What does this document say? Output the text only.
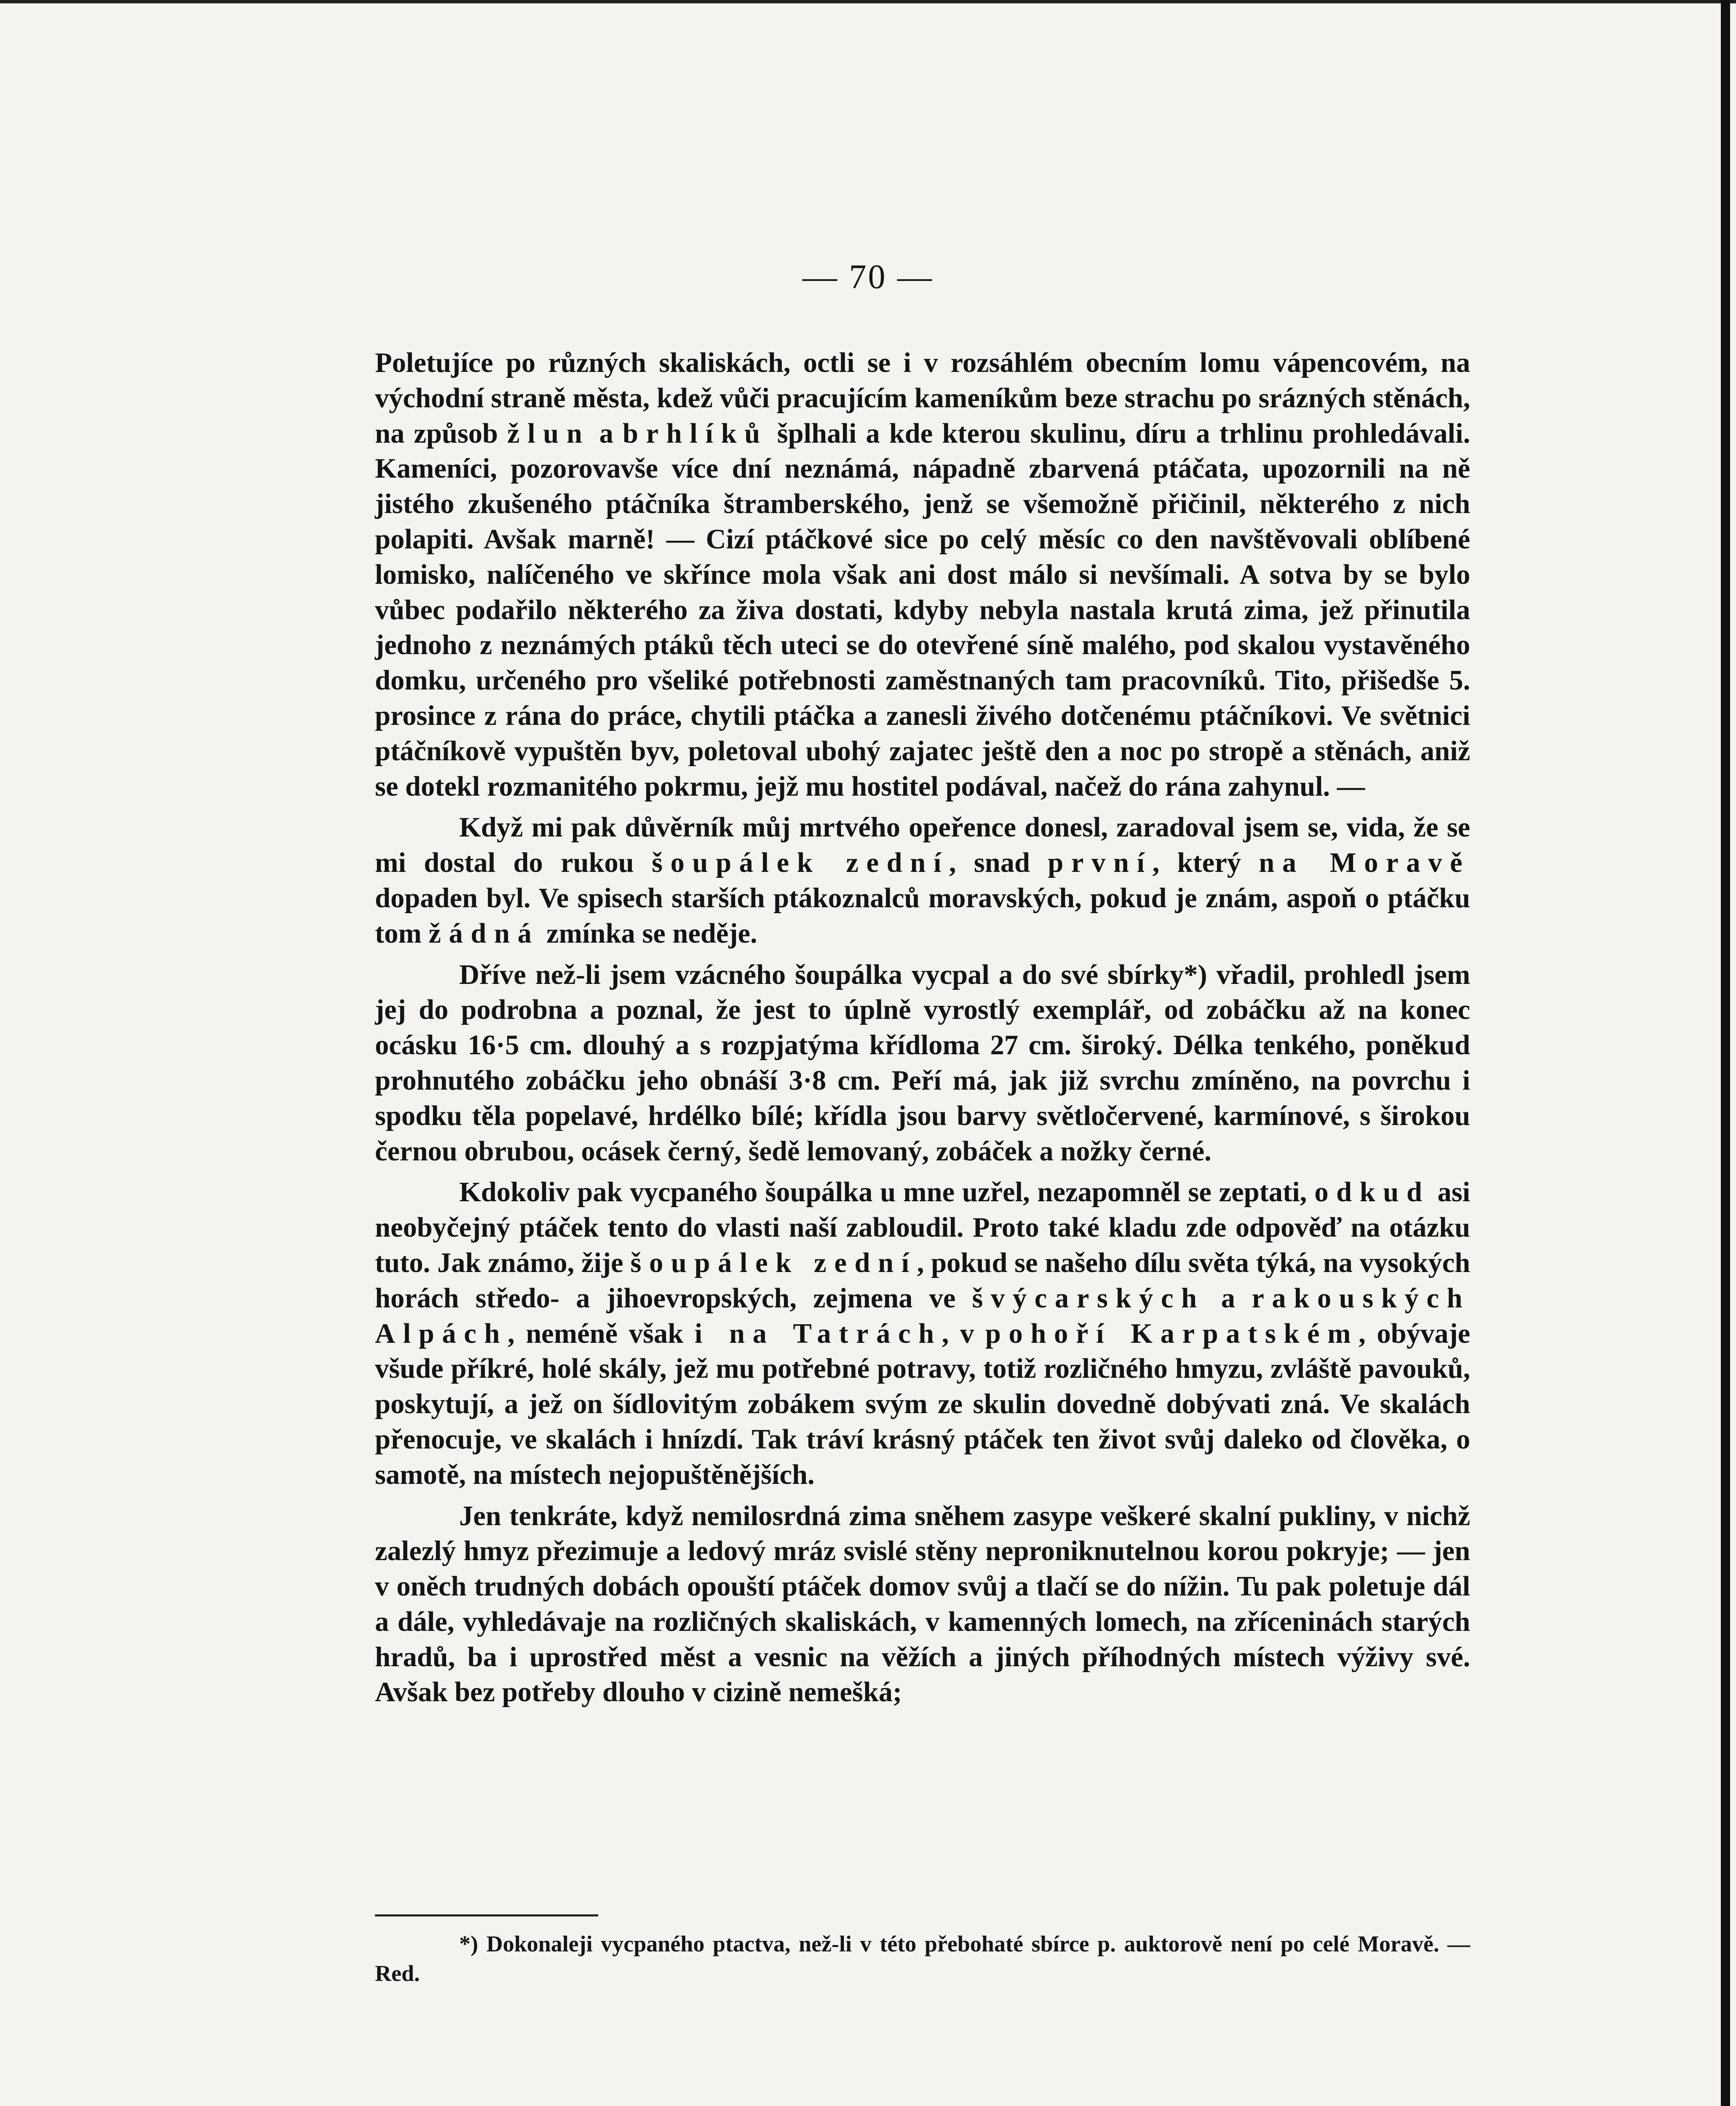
— 70 —

Poletujíce po různých skaliskách, octli se i v rozsáhlém obecním lomu vápencovém, na východní straně města, kdež vůči pracujícím kameníkům beze strachu po srázných stěnách, na způsob žlun a brhlíků šplhali a kde kterou skulinu, díru a trhlinu prohledávali. Kameníci, pozorovavše více dní neznámá, nápadně zbarvená ptáčata, upozornili na ně jistého zkušeného ptáčníka štramberského, jenž se všemožně přičinil, některého z nich polapiti. Avšak marně! — Cizí ptáčkové sice po celý měsíc co den navštěvovali oblíbené lomisko, nalíčeného ve skřínce mola však ani dost málo si nevšímali. A sotva by se bylo vůbec podařilo některého za živa dostati, kdyby nebyla nastala krutá zima, jež přinutila jednoho z neznámých ptáků těch uteci se do otevřené síně malého, pod skalou vystavěného domku, určeného pro všeliké potřebnosti zaměstnaných tam pracovníků. Tito, přišedše 5. prosince z rána do práce, chytili ptáčka a zanesli živého dotčenému ptáčníkovi. Ve světnici ptáčníkově vypuštěn byv, poletoval ubohý zajatec ještě den a noc po stropě a stěnách, aniž se dotekl rozmanitého pokrmu, jejž mu hostitel podával, načež do rána zahynul. —

Když mi pak důvěrník můj mrtvého opeřence donesl, zaradoval jsem se, vida, že se mi dostal do rukou šoupálek zední, snad první, který na Moravě dopaden byl. Ve spisech starších ptákoznalců moravských, pokud je znám, aspoň o ptáčku tom žádná zmínka se neděje.

Dříve než-li jsem vzácného šoupálka vycpal a do své sbírky*) vřadil, prohledl jsem jej do podrobna a poznal, že jest to úplně vyrostlý exemplář, od zobáčku až na konec ocásku 16·5 cm. dlouhý a s rozpjatýma křídloma 27 cm. široký. Délka tenkého, poněkud prohnutého zobáčku jeho obnáší 3·8 cm. Peří má, jak již svrchu zmíněno, na povrchu i spodku těla popelavé, hrdélko bílé; křídla jsou barvy světločervené, karmínové, s širokou černou obrubou, ocásek černý, šedě lemovaný, zobáček a nožky černé.

Kdokoliv pak vycpaného šoupálka u mne uzřel, nezapomněl se zeptati, odkud asi neobyčejný ptáček tento do vlasti naší zabloudil. Proto také kladu zde odpověď na otázku tuto. Jak známo, žije šoupálek zední, pokud se našeho dílu světa týká, na vysokých horách středo- a jihoevropských, zejmena ve švýcarských a rakouských Alpách, neméně však i na Tatrách, v pohoří Karpatském, obývaje všude příkré, holé skály, jež mu potřebné potravy, totiž rozličného hmyzu, zvláště pavouků, poskytují, a jež on šídlovitým zobákem svým ze skulin dovedně dobývati zná. Ve skalách přenocuje, ve skalách i hnízdí. Tak tráví krásný ptáček ten život svůj daleko od člověka, o samotě, na místech nejopuštěnějších.

Jen tenkráte, když nemilosrdná zima sněhem zasype veškeré skalní pukliny, v nichž zalezlý hmyz přezimuje a ledový mráz svislé stěny neproniknutelnou korou pokryje; — jen v oněch trudných dobách opouští ptáček domov svůj a tlačí se do nížin. Tu pak poletuje dál a dále, vyhledávaje na rozličných skaliskách, v kamenných lomech, na zříceninách starých hradů, ba i uprostřed měst a vesnic na věžích a jiných příhodných místech výživy své. Avšak bez potřeby dlouho v cizině nemešká;

*) Dokonaleji vycpaného ptactva, než-li v této přebohaté sbírce p. auktorově není po celé Moravě. — Red.
